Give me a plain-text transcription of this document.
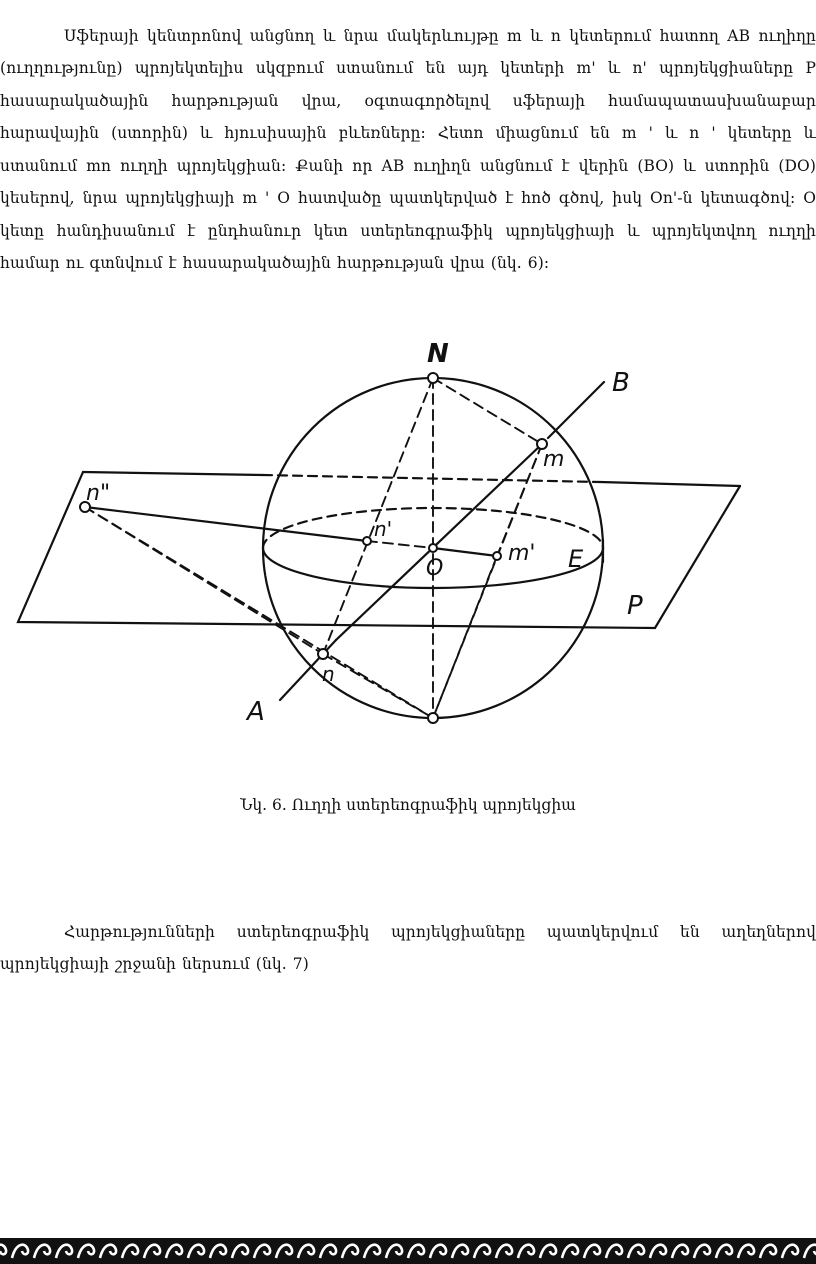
Սֆերայի կենտրոնով անցնող և նրա մակերևույթը m և n կետերում հատող AB ուղիղը (ուղղությունը) պրոյեկտելիս սկզբում ստանում են այդ կետերի m' և n' պրոյեկցիաները P հասարակածային հարթության վրա, օգտագործելով սֆերայի համապատասխանաբար հարավային (ստորին) և հյուսիսային բևեռները: Հետո միացնում են m ' և n ' կետերը և ստանում mn ուղղի պրոյեկցիան: Քանի որ AB ուղիղն անցնում է վերին (BO) և ստորին (DO) կեսերով, նրա պրոյեկցիայի m ' O հատվածը պատկերված է հոծ գծով, իսկ On'-ն կետագծով: O կետը հանդիսանում է ընդհանուր կետ ստերեոգրաֆիկ պրոյեկցիայի և պրոյեկտվող ուղղի համար ու գտնվում է հասարակածային հարթության վրա (նկ. 6):

N
B
m
n"
n'
O
m' E
P
n
A
Նկ. 6. Ուղղի ստերեոգրաֆիկ պրոյեկցիա

Հարթությունների ստերեոգրաֆիկ պրոյեկցիաները պատկերվում են աղեղներով պրոյեկցիայի շրջանի ներսում (նկ. 7)
